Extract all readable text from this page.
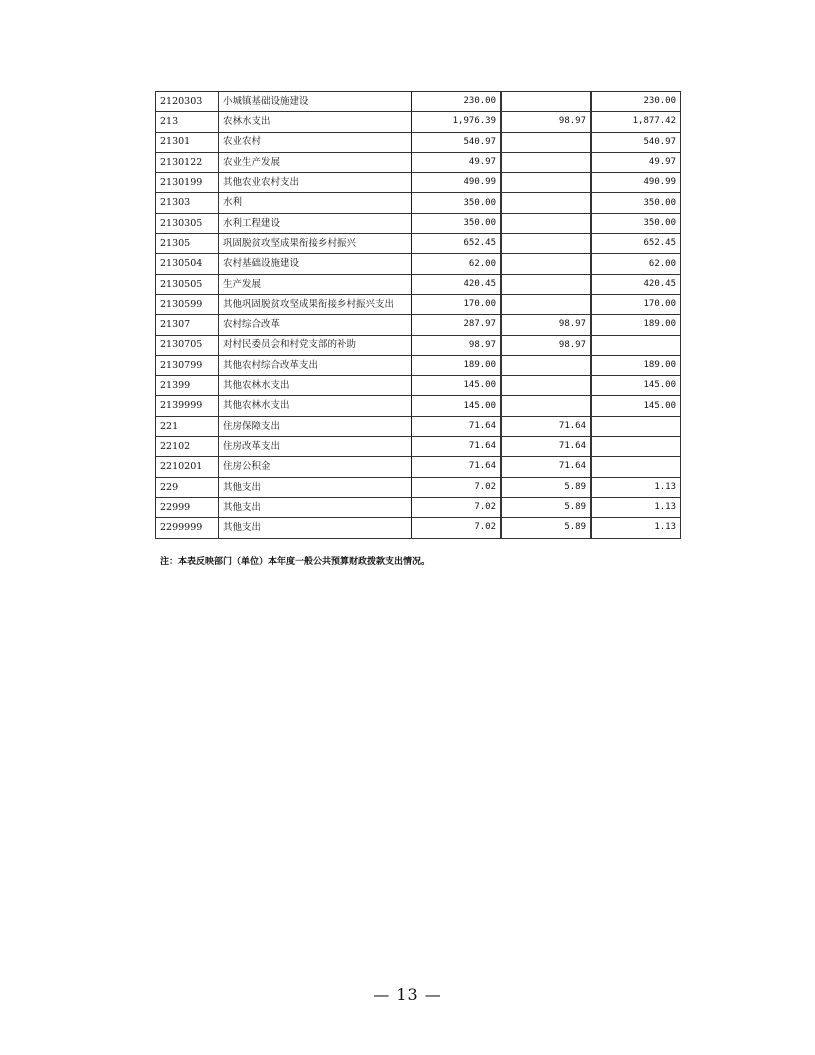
2120303	小城镇基础设施建设	230.00				230.00
213	农林水支出	1,976.39		98.97		1,877.42
21301	农业农村	540.97				540.97
2130122	农业生产发展	49.97				49.97
2130199	其他农业农村支出	490.99				490.99
21303	水利	350.00				350.00
2130305	水利工程建设	350.00				350.00
21305	巩固脱贫攻坚成果衔接乡村振兴	652.45				652.45
2130504	农村基础设施建设	62.00				62.00
2130505	生产发展	420.45				420.45
2130599	其他巩固脱贫攻坚成果衔接乡村振兴支出	170.00				170.00
21307	农村综合改革	287.97		98.97		189.00
2130705	对村民委员会和村党支部的补助	98.97		98.97		
2130799	其他农村综合改革支出	189.00				189.00
21399	其他农林水支出	145.00				145.00
2139999	其他农林水支出	145.00				145.00
221	住房保障支出	71.64		71.64		
22102	住房改革支出	71.64		71.64		
2210201	住房公积金	71.64		71.64		
229	其他支出	7.02		5.89		1.13
22999	其他支出	7.02		5.89		1.13
2299999	其他支出	7.02		5.89		1.13
注：本表反映部门（单位）本年度一般公共预算财政拨款支出情况。
— 13 —
